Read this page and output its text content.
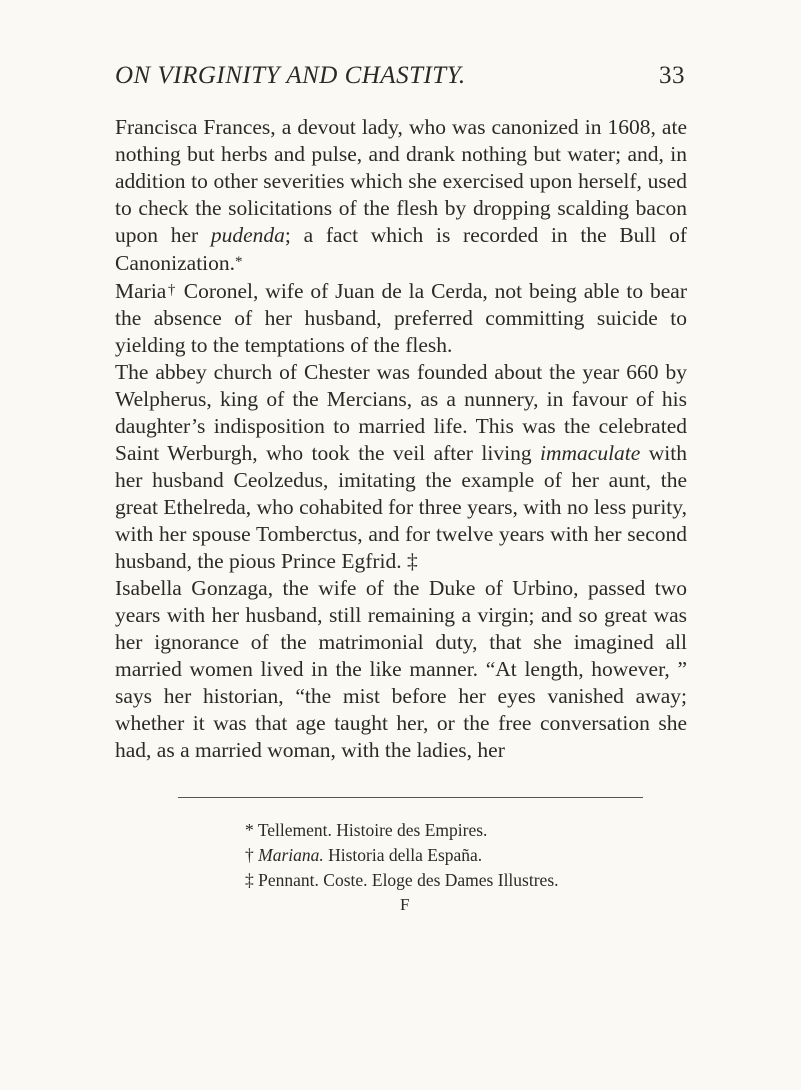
ON VIRGINITY AND CHASTITY.	33

Francisca Frances, a devout lady, who was canonized in 1608, ate nothing but herbs and pulse, and drank nothing but water; and, in addition to other severities which she exercised upon herself, used to check the solicitations of the flesh by dropping scalding bacon upon her pudenda; a fact which is recorded in the Bull of Canonization.*

Maria† Coronel, wife of Juan de la Cerda, not being able to bear the absence of her husband, preferred committing suicide to yielding to the temptations of the flesh.

The abbey church of Chester was founded about the year 660 by Welpherus, king of the Mercians, as a nunnery, in favour of his daughter’s indisposition to married life. This was the celebrated Saint Werburgh, who took the veil after living immaculate with her husband Ceolzedus, imitating the example of her aunt, the great Ethelreda, who cohabited for three years, with no less purity, with her spouse Tomberctus, and for twelve years with her second husband, the pious Prince Egfrid. ‡

Isabella Gonzaga, the wife of the Duke of Urbino, passed two years with her husband, still remaining a virgin; and so great was her ignorance of the matrimonial duty, that she imagined all married women lived in the like manner. “At length, however, ” says her historian, “the mist before her eyes vanished away; whether it was that age taught her, or the free conversation she had, as a married woman, with the ladies, her

* Tellement. Histoire des Empires.
† Mariana. Historia della España.
‡ Pennant. Coste. Eloge des Dames Illustres.
F
